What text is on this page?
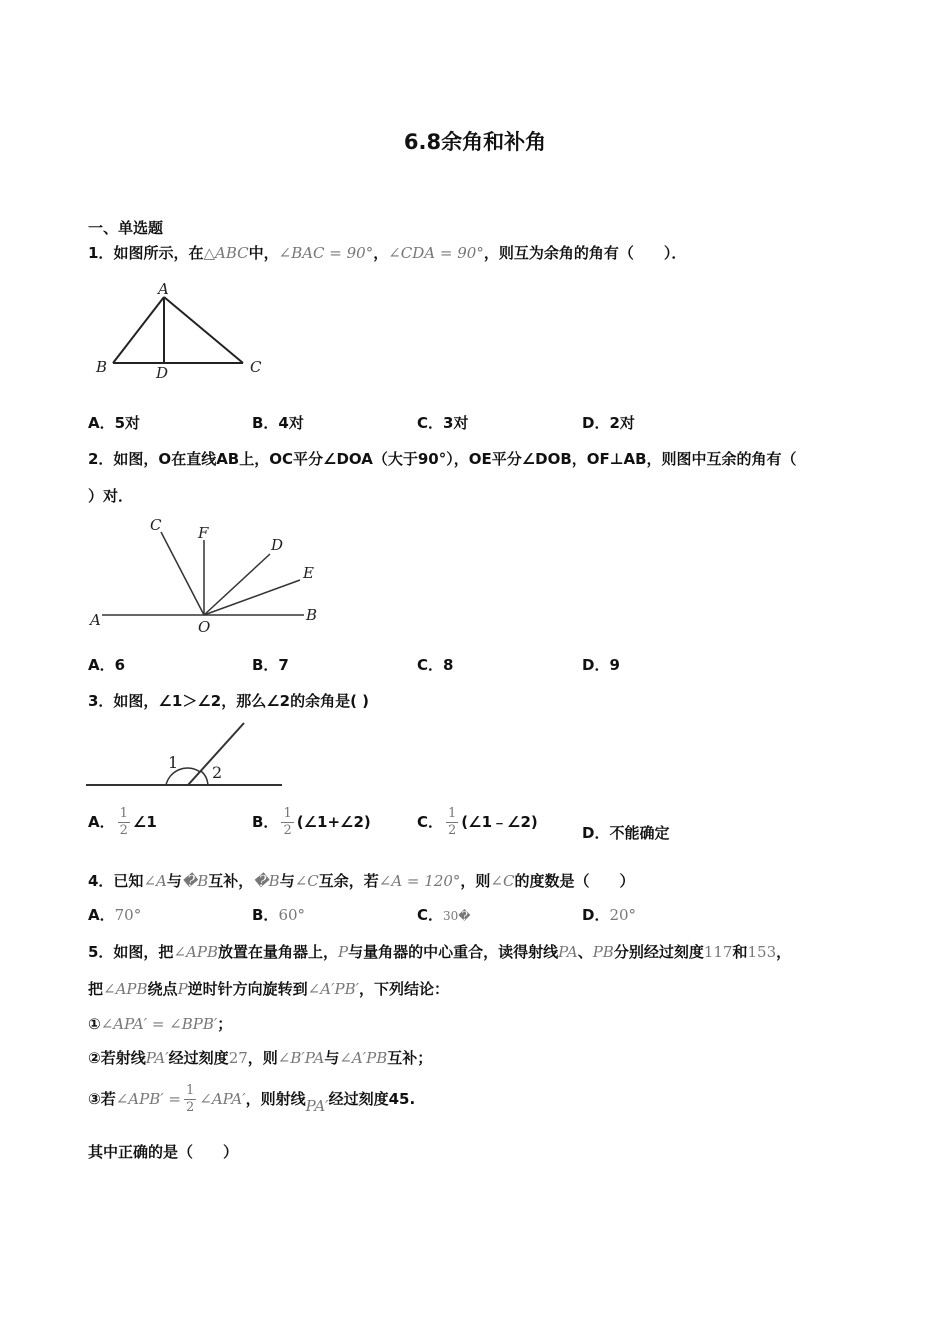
6.8余角和补角
一、单选题
1．如图所示，在△ABC中，∠BAC = 90°，∠CDA = 90°，则互为余角的角有（　　）．
A
B	D	C
A．5对	B．4对	C．3对	D．2对
2．如图，O在直线AB上，OC平分∠DOA（大于90°），OE平分∠DOB，OF⊥AB，则图中互余的角有（
）对．
A	B
C F
D
E
O
A．6	B．7	C．8	D．9
3．如图，∠1＞∠2，那么∠2的余角是( )
1
2
A． $\frac{1}{2}$ ∠1	B． $\frac{1}{2}$ (∠1+∠2)	C． $\frac{1}{2}$ (∠1﹣∠2)
D．不能确定
4．已知∠A与�B互补，�B与∠C互余，若∠A = 120°，则∠C的度数是（　　）
A．70°	B．60°	C．30�	D．20°
5．如图，把∠APB放置在量角器上，P与量角器的中心重合，读得射线PA、PB分别经过刻度117和153，
把∠APB绕点P逆时针方向旋转到∠A′PB′，下列结论：
①∠APA′ = ∠BPB′；
②若射线PA′经过刻度27，则∠B′PA与∠A′PB互补；
③若∠APB′ = $\frac{1}{2}$ ∠APA′，则射线PA′经过刻度45.
其中正确的是（　　）
